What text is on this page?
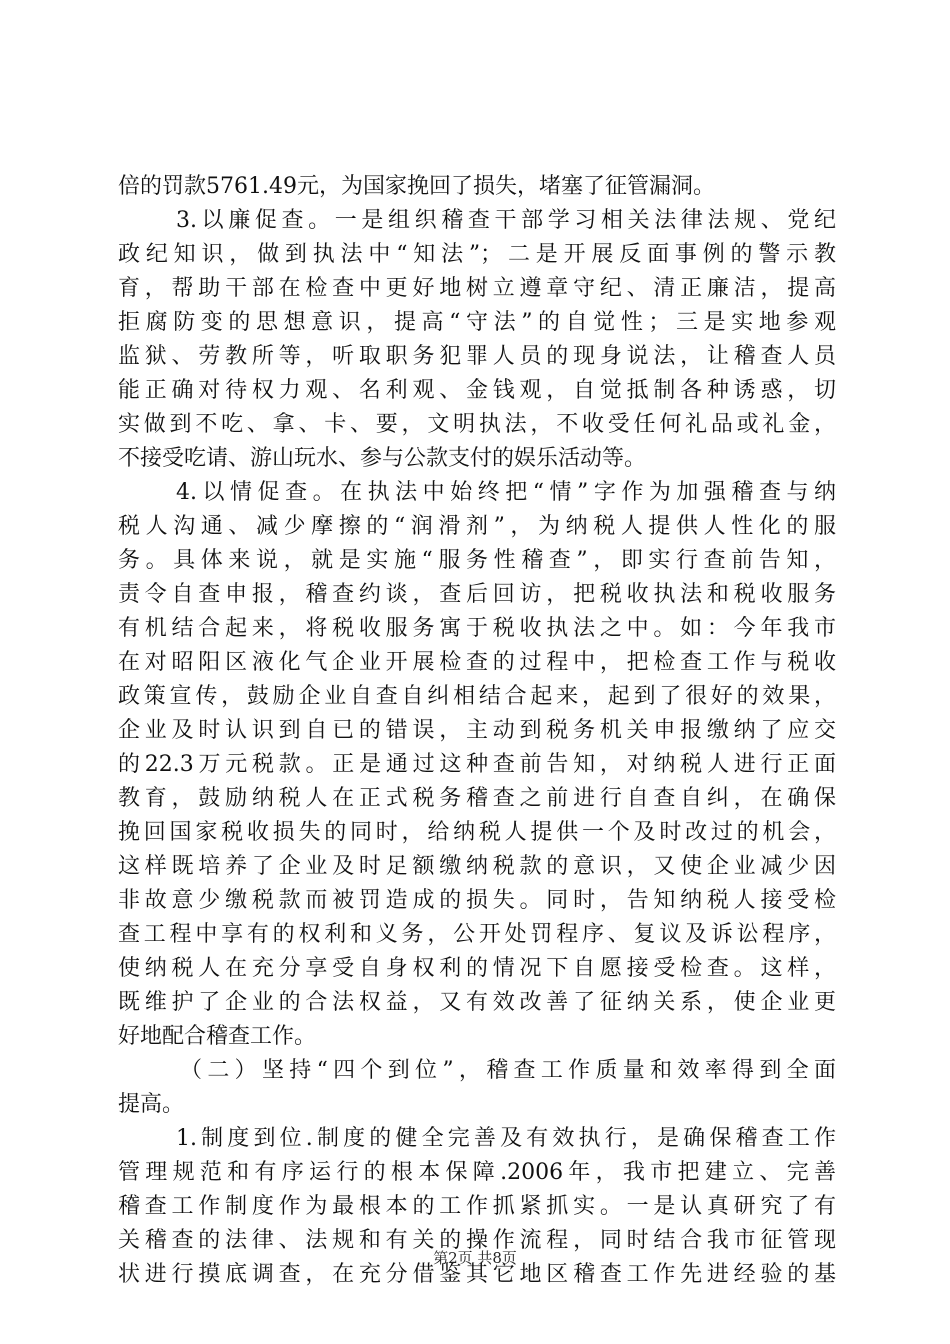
倍的罚款5761.49元，为国家挽回了损失，堵塞了征管漏洞。
3.以廉促查。一是组织稽查干部学习相关法律法规、党纪
政纪知识，做到执法中“知法”；二是开展反面事例的警示教
育，帮助干部在检查中更好地树立遵章守纪、清正廉洁，提高
拒腐防变的思想意识，提高“守法”的自觉性；三是实地参观
监狱、劳教所等，听取职务犯罪人员的现身说法，让稽查人员
能正确对待权力观、名利观、金钱观，自觉抵制各种诱惑，切
实做到不吃、拿、卡、要，文明执法，不收受任何礼品或礼金，
不接受吃请、游山玩水、参与公款支付的娱乐活动等。
4.以情促查。在执法中始终把“情”字作为加强稽查与纳
税人沟通、减少摩擦的“润滑剂”，为纳税人提供人性化的服
务。具体来说，就是实施“服务性稽查”，即实行查前告知，
责令自查申报，稽查约谈，查后回访，把税收执法和税收服务
有机结合起来，将税收服务寓于税收执法之中。如：今年我市
在对昭阳区液化气企业开展检查的过程中，把检查工作与税收
政策宣传，鼓励企业自查自纠相结合起来，起到了很好的效果，
企业及时认识到自已的错误，主动到税务机关申报缴纳了应交
的22.3万元税款。正是通过这种查前告知，对纳税人进行正面
教育，鼓励纳税人在正式税务稽查之前进行自查自纠，在确保
挽回国家税收损失的同时，给纳税人提供一个及时改过的机会，
这样既培养了企业及时足额缴纳税款的意识，又使企业减少因
非故意少缴税款而被罚造成的损失。同时，告知纳税人接受检
查工程中享有的权利和义务，公开处罚程序、复议及诉讼程序，
使纳税人在充分享受自身权利的情况下自愿接受检查。这样，
既维护了企业的合法权益，又有效改善了征纳关系，使企业更
好地配合稽查工作。
（二）坚持“四个到位”，稽查工作质量和效率得到全面
提高。
1.制度到位.制度的健全完善及有效执行，是确保稽查工作
管理规范和有序运行的根本保障.2006年，我市把建立、完善
稽查工作制度作为最根本的工作抓紧抓实。一是认真研究了有
关稽查的法律、法规和有关的操作流程，同时结合我市征管现
状进行摸底调查，在充分借鉴其它地区稽查工作先进经验的基
第2页 共8页
